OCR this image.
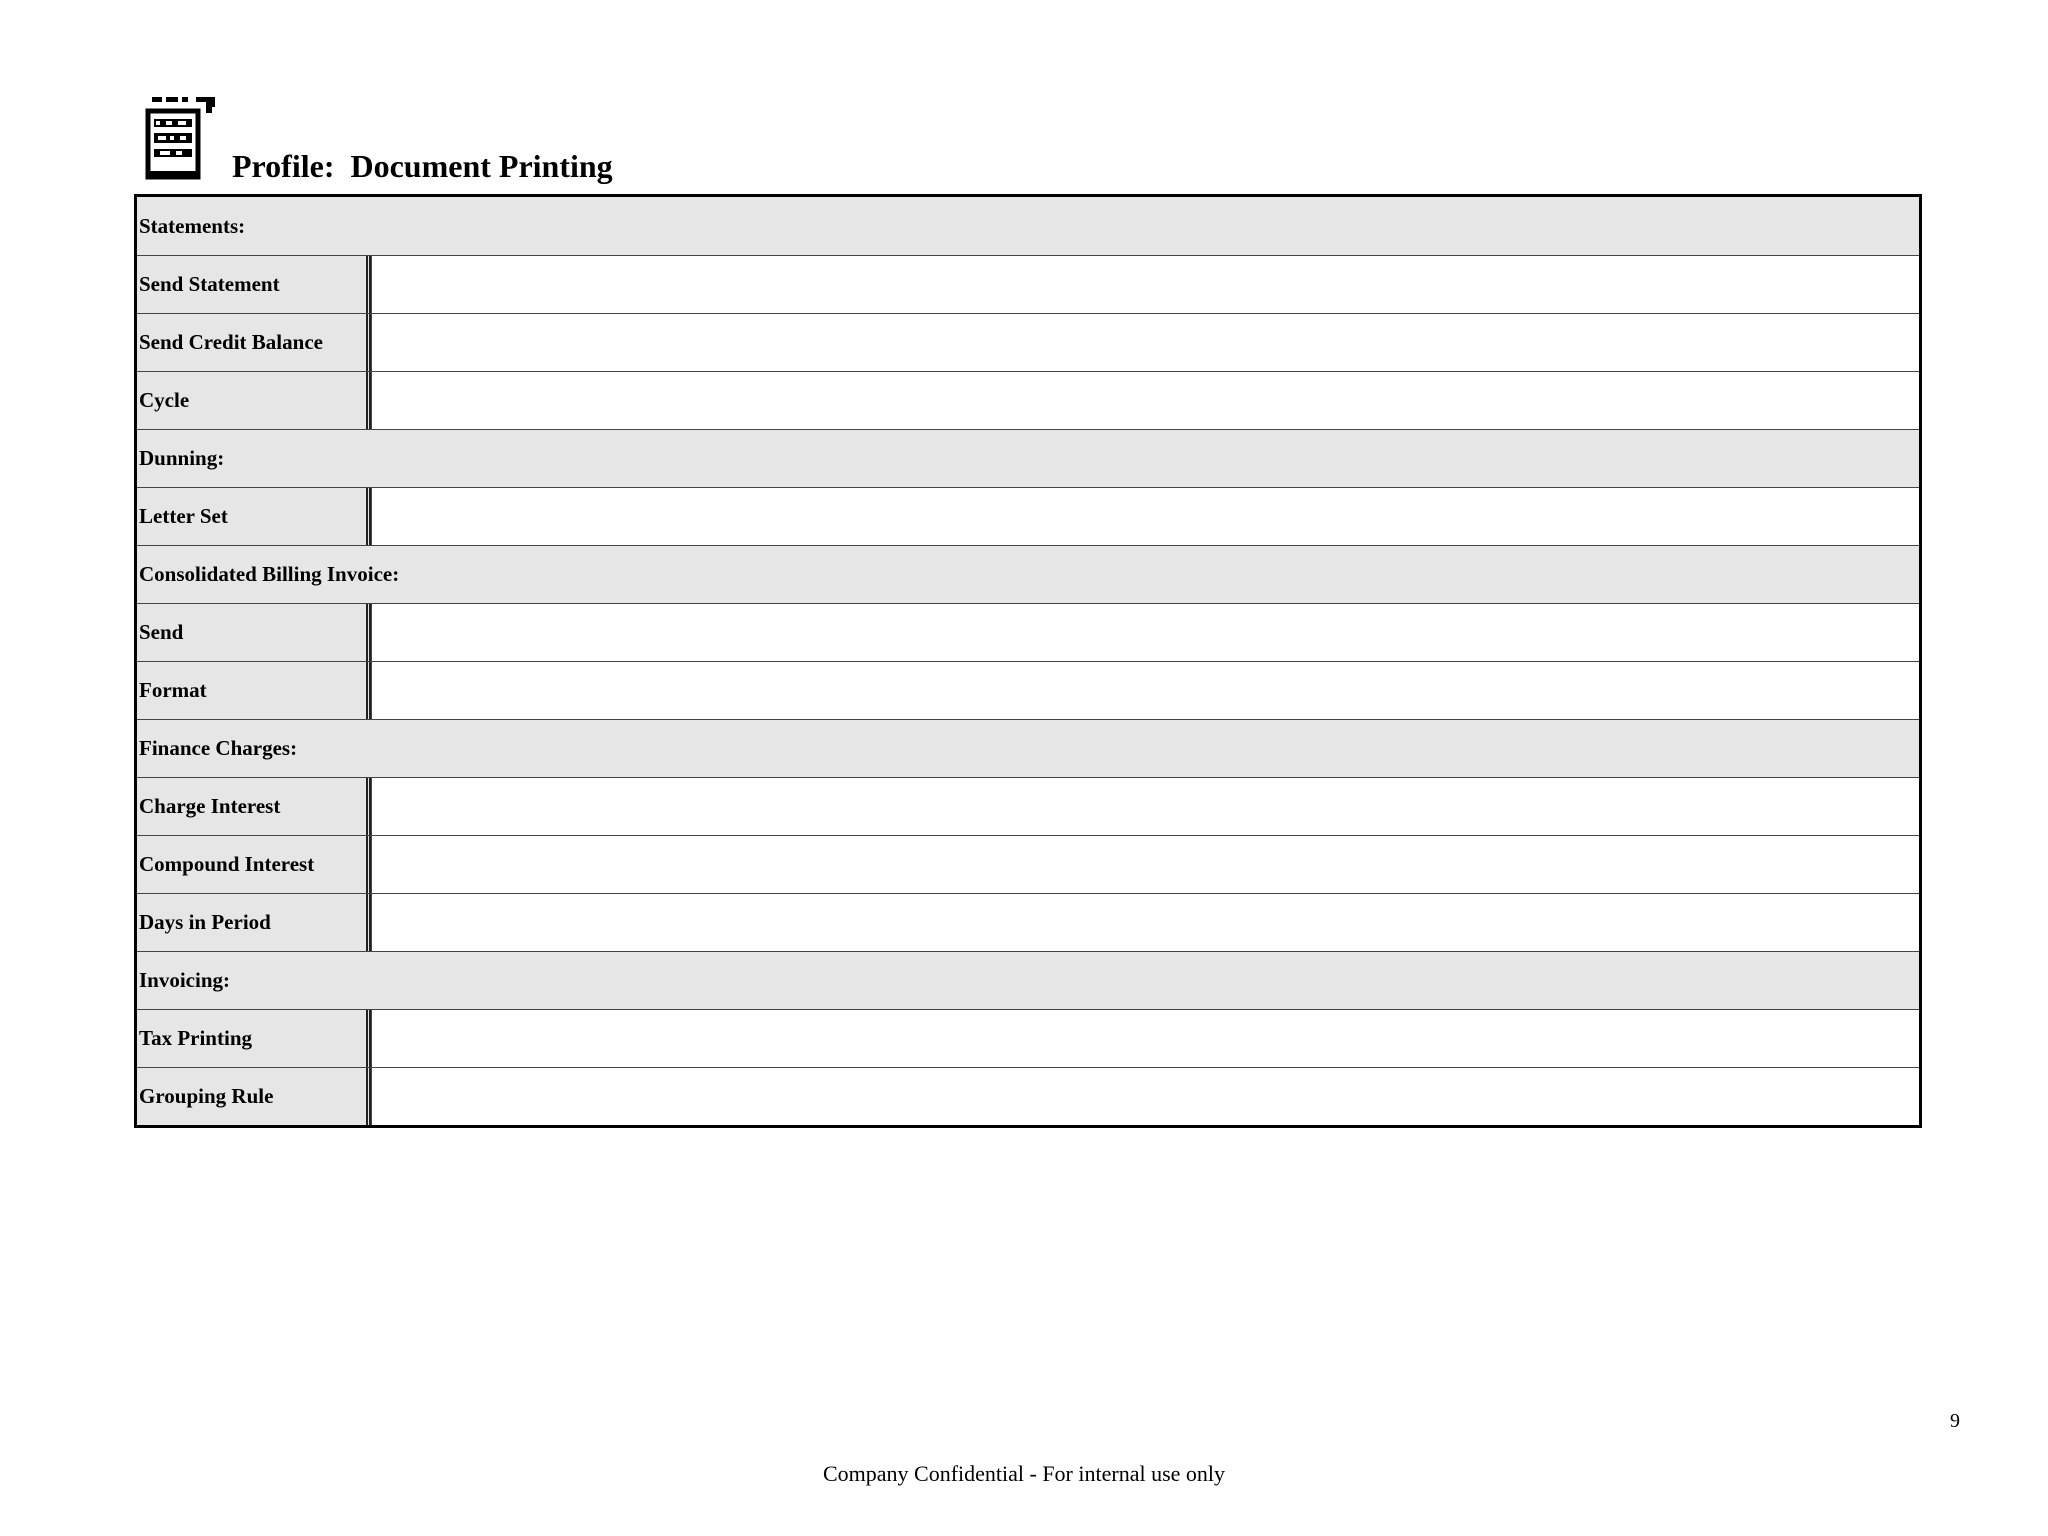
Profile:  Document Printing
Statements:
Send Statement
Send Credit Balance
Cycle
Dunning:
Letter Set
Consolidated Billing Invoice:
Send
Format
Finance Charges:
Charge Interest
Compound Interest
Days in Period
Invoicing:
Tax Printing
Grouping Rule
9
Company Confidential - For internal use only
